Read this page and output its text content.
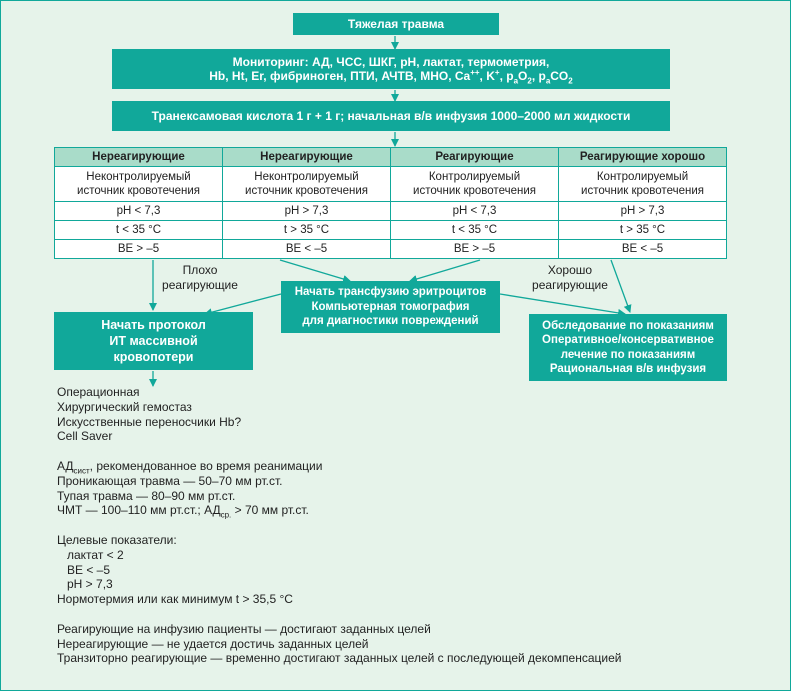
Тяжелая травма
Мониторинг: АД, ЧСС, ШКГ, pH, лактат, термометрия,
Hb, Ht, Er, фибриноген, ПТИ, АЧТВ, МНО, Ca++, K+, $p_aO_2$, $p_aCO_2$
Транексамовая кислота 1 г + 1 г; начальная в/в инфузия 1000–2000 мл жидкости
Нереагирующие
Неконтролируемый
источник кровотечения
pH < 7,3
t < 35 °C
BE > –5
Нереагирующие
Неконтролируемый
источник кровотечения
pH > 7,3
t > 35 °C
BE < –5
Реагирующие
Контролируемый
источник кровотечения
pH < 7,3
t < 35 °C
BE > –5
Реагирующие хорошо
Контролируемый
источник кровотечения
pH > 7,3
t > 35 °C
BE < –5
Плохо
реагирующие
Хорошо
реагирующие
Начать протокол
ИТ массивной
кровопотери
Начать трансфузию эритроцитов
Компьютерная томография
для диагностики повреждений	Обследование по показаниям
Оперативное/консервативное
лечение по показаниям
Рациональная в/в инфузия
Операционная
Хирургический гемостаз
Искусственные переносчики Hb?
Cell Saver
$АД_{сист}$, рекомендованное во время реанимации
Проникающая травма — 50–70 мм рт.ст.
Тупая травма — 80–90 мм рт.ст.
ЧМТ — 100–110 мм рт.ст.; $АД_{ср.} > 70$ мм рт.ст.
Целевые показатели:
лактат < 2
BE < –5
pH > 7,3
Нормотермия или как минимум t > 35,5 °C
Реагирующие на инфузию пациенты — достигают заданных целей
Нереагирующие — не удается достичь заданных целей
Транзиторно реагирующие — временно достигают заданных целей с последующей декомпенсацией
